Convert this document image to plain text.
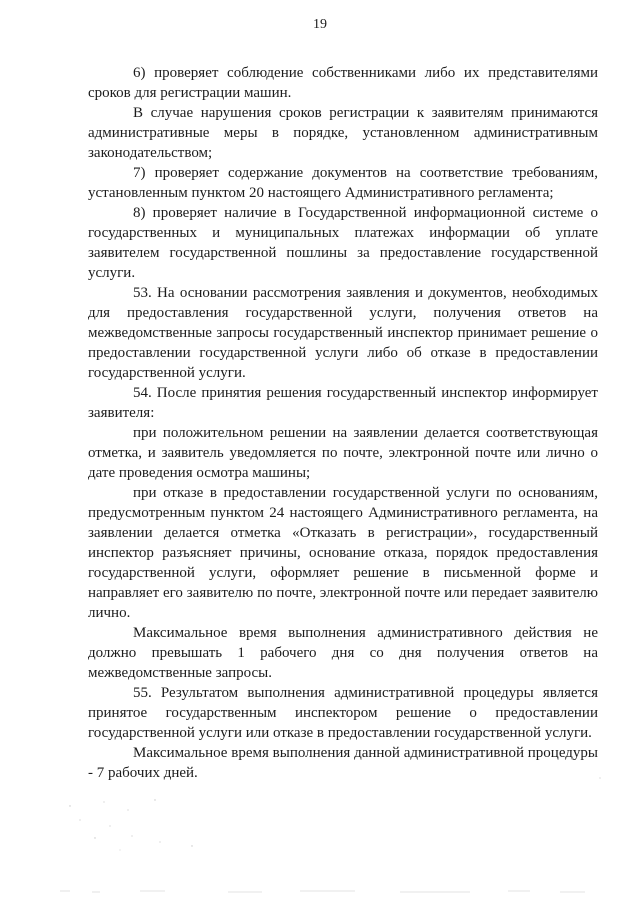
19

6) проверяет соблюдение собственниками либо их представителями сроков для регистрации машин.

В случае нарушения сроков регистрации к заявителям принимаются административные меры в порядке, установленном административным законодательством;

7) проверяет содержание документов на соответствие требованиям, установленным пунктом 20 настоящего Административного регламента;

8) проверяет наличие в Государственной информационной системе о государственных и муниципальных платежах информации об уплате заявителем государственной пошлины за предоставление государственной услуги.

53. На основании рассмотрения заявления и документов, необходимых для предоставления государственной услуги, получения ответов на межведомственные запросы государственный инспектор принимает решение о предоставлении государственной услуги либо об отказе в предоставлении государственной услуги.

54. После принятия решения государственный инспектор информирует заявителя:

при положительном решении на заявлении делается соответствующая отметка, и заявитель уведомляется по почте, электронной почте или лично о дате проведения осмотра машины;

при отказе в предоставлении государственной услуги по основаниям, предусмотренным пунктом 24 настоящего Административного регламента, на заявлении делается отметка «Отказать в регистрации», государственный инспектор разъясняет причины, основание отказа, порядок предоставления государственной услуги, оформляет решение в письменной форме и направляет его заявителю по почте, электронной почте или передает заявителю лично.

Максимальное время выполнения административного действия не должно превышать 1 рабочего дня со дня получения ответов на межведомственные запросы.

55. Результатом выполнения административной процедуры является принятое государственным инспектором решение о предоставлении государственной услуги или отказе в предоставлении государственной услуги.

Максимальное время выполнения данной административной процедуры - 7 рабочих дней.
